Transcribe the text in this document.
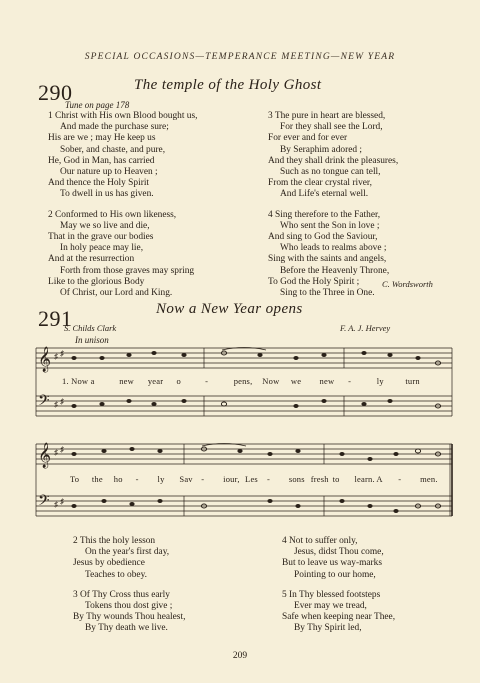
SPECIAL OCCASIONS—TEMPERANCE MEETING—NEW YEAR
290	The temple of the Holy Ghost
Tune on page 178
1 Christ with His own Blood bought us,
And made the purchase sure;
His are we ; may He keep us
Sober, and chaste, and pure,
He, God in Man, has carried
Our nature up to Heaven ;
And thence the Holy Spirit
To dwell in us has given.
2 Conformed to His own likeness,
May we so live and die,
That in the grave our bodies
In holy peace may lie,
And at the resurrection
Forth from those graves may spring
Like to the glorious Body
Of Christ, our Lord and King.
3 The pure in heart are blessed,
For they shall see the Lord,
For ever and for ever
By Seraphim adored ;
And they shall drink the pleasures,
Such as no tongue can tell,
From the clear crystal river,
And Life's eternal well.
4 Sing therefore to the Father,
Who sent the Son in love ;
And sing to God the Saviour,
Who leads to realms above ;
Sing with the saints and angels,
Before the Heavenly Throne,
To God the Holy Spirit ;
Sing to the Three in One.
C. Wordsworth
291	Now a New Year opens
S. Childs Clark	F. A. J. Hervey
In unison
𝄞
𝄢
♯ ♯
♯ ♯
1. Now a	new year o	-	pens, Now we new -	ly	turn
𝄞
𝄢
♯ ♯
♯ ♯
To the ho - ly Sav - iour, Les - sons fresh to learn. A - men.
2 This the holy lesson
On the year's first day,
Jesus by obedience
Teaches to obey.
3 Of Thy Cross thus early
Tokens thou dost give ;
By Thy wounds Thou healest,
By Thy death we live.
4 Not to suffer only,
Jesus, didst Thou come,
But to leave us way-marks
Pointing to our home,
5 In Thy blessed footsteps
Ever may we tread,
Safe when keeping near Thee,
By Thy Spirit led,
209
